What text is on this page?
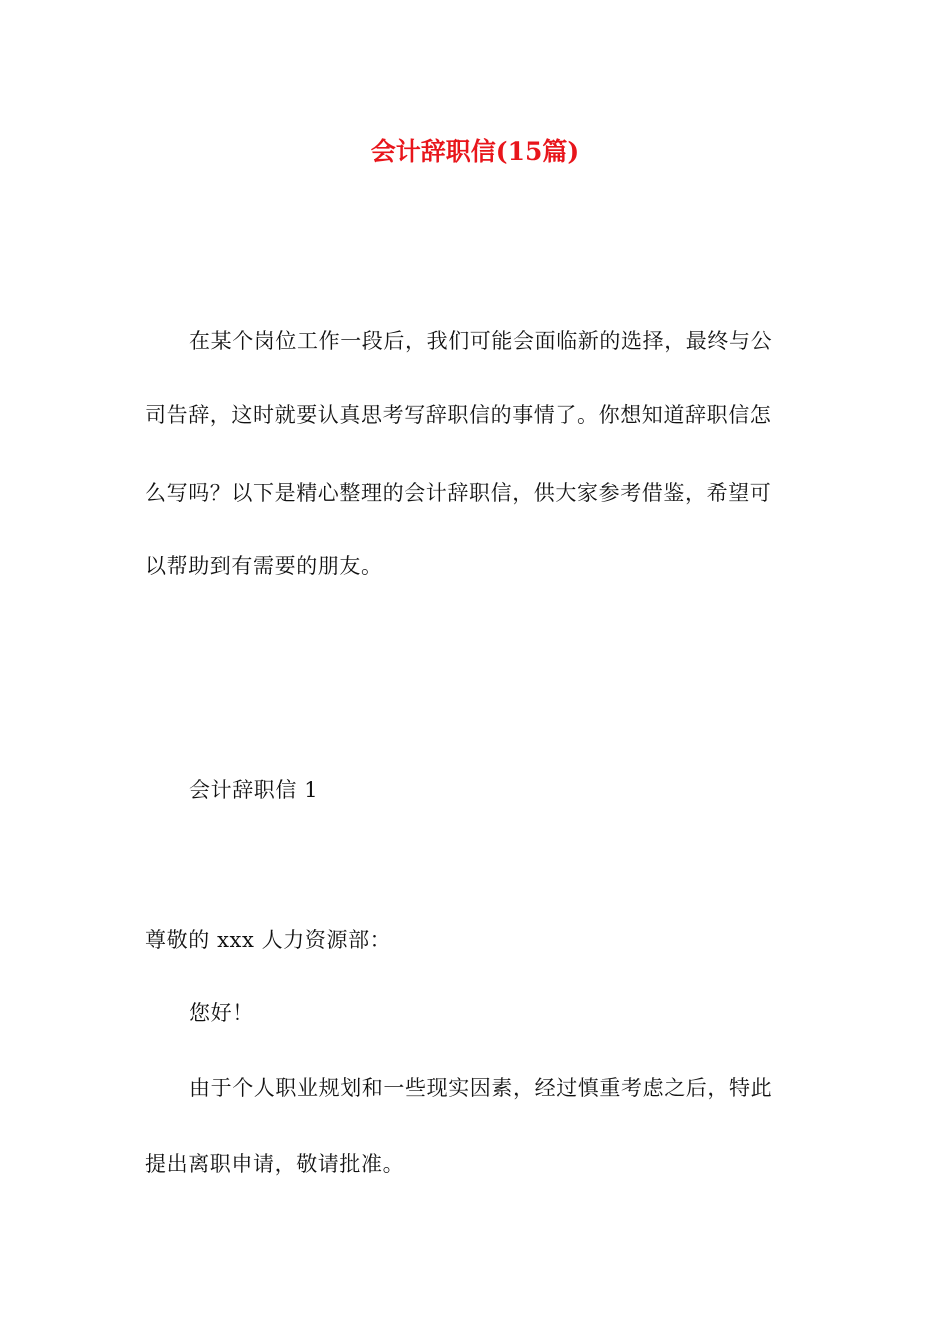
会计辞职信(15篇)
在某个岗位工作一段后，我们可能会面临新的选择，最终与公
司告辞，这时就要认真思考写辞职信的事情了。你想知道辞职信怎
么写吗？以下是精心整理的会计辞职信，供大家参考借鉴，希望可
以帮助到有需要的朋友。
会计辞职信 1
尊敬的 xxx 人力资源部：
您好！
由于个人职业规划和一些现实因素，经过慎重考虑之后，特此
提出离职申请，敬请批准。
